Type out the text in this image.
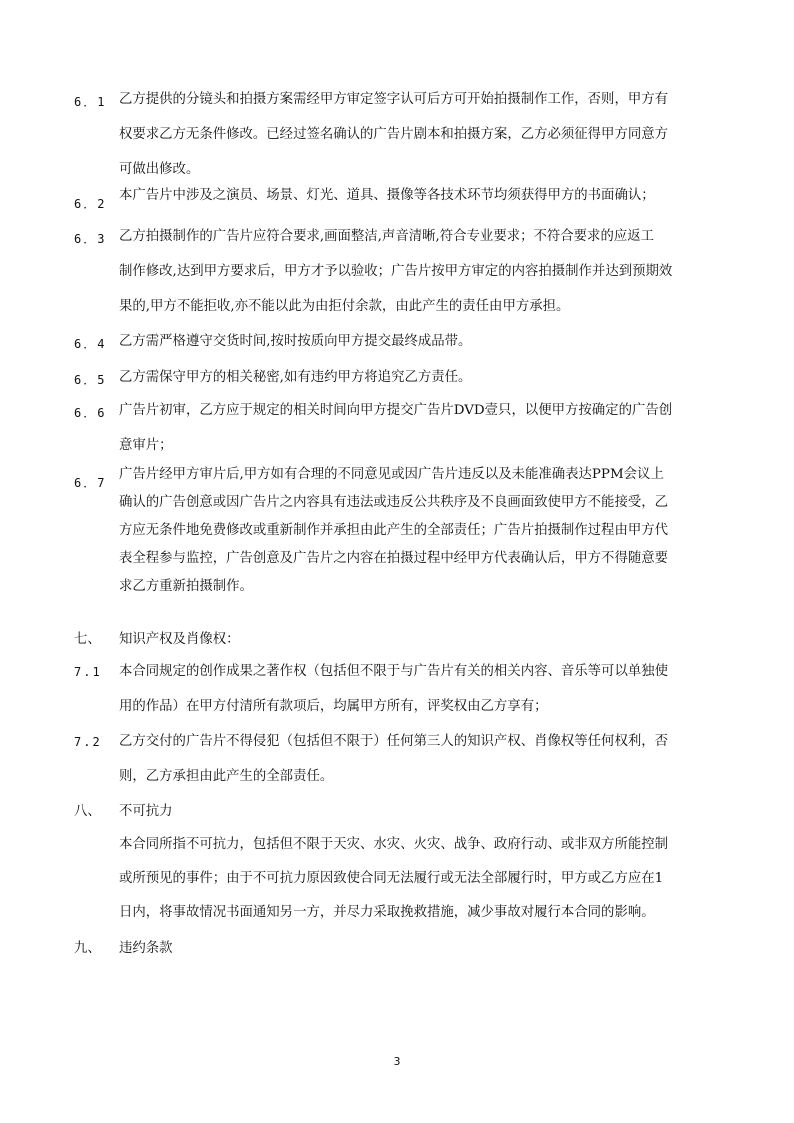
6．1 乙方提供的分镜头和拍摄方案需经甲方审定签字认可后方可开始拍摄制作工作，否则，甲方有
权要求乙方无条件修改。已经过签名确认的广告片剧本和拍摄方案，乙方必须征得甲方同意方
可做出修改。
6．2
本广告片中涉及之演员、场景、灯光、道具、摄像等各技术环节均须获得甲方的书面确认；
6．3 乙方拍摄制作的广告片应符合要求,画面整洁,声音清晰,符合专业要求；不符合要求的应返工
制作修改,达到甲方要求后，甲方才予以验收；广告片按甲方审定的内容拍摄制作并达到预期效
果的,甲方不能拒收,亦不能以此为由拒付余款，由此产生的责任由甲方承担。
6．4 乙方需严格遵守交货时间,按时按质向甲方提交最终成品带。
6．5 乙方需保守甲方的相关秘密,如有违约甲方将追究乙方责任。
6．6 广告片初审，乙方应于规定的相关时间向甲方提交广告片DVD壹只，以便甲方按确定的广告创
意审片；
6．7
广告片经甲方审片后,甲方如有合理的不同意见或因广告片违反以及未能准确表达PPM会议上
确认的广告创意或因广告片之内容具有违法或违反公共秩序及不良画面致使甲方不能接受，乙
方应无条件地免费修改或重新制作并承担由此产生的全部责任；广告片拍摄制作过程由甲方代
表全程参与监控，广告创意及广告片之内容在拍摄过程中经甲方代表确认后，甲方不得随意要
求乙方重新拍摄制作。
七、 知识产权及肖像权：
7.1 本合同规定的创作成果之著作权（包括但不限于与广告片有关的相关内容、音乐等可以单独使
用的作品）在甲方付清所有款项后，均属甲方所有，评奖权由乙方享有；
7.2 乙方交付的广告片不得侵犯（包括但不限于）任何第三人的知识产权、肖像权等任何权利，否
则，乙方承担由此产生的全部责任。
八、 不可抗力
本合同所指不可抗力，包括但不限于天灾、水灾、火灾、战争、政府行动、或非双方所能控制
或所预见的事件；由于不可抗力原因致使合同无法履行或无法全部履行时，甲方或乙方应在1
日内，将事故情况书面通知另一方，并尽力采取挽救措施，减少事故对履行本合同的影响。
九、 违约条款
3
